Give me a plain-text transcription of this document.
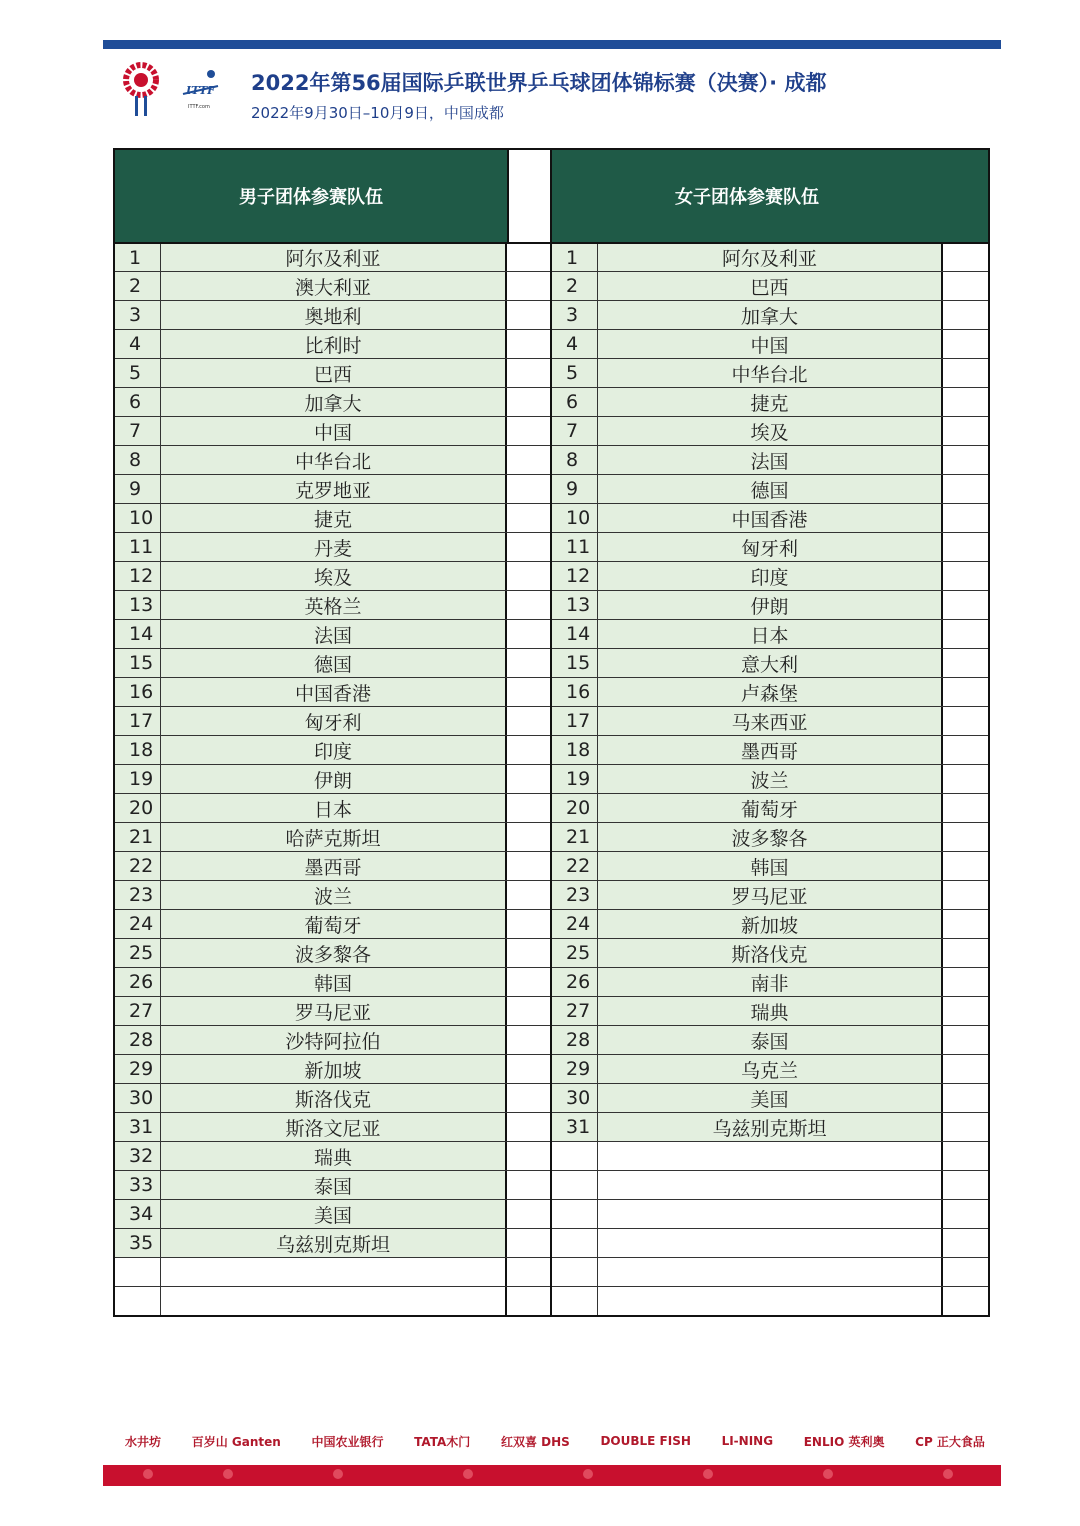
ITTF
ITTF.com
2022年第56届国际乒联世界乒乓球团体锦标赛（决赛）· 成都
2022年9月30日–10月9日，中国成都
男子团体参赛队伍
1	阿尔及利亚
2	澳大利亚
3	奥地利
4	比利时
5	巴西
6	加拿大
7	中国
8	中华台北
9	克罗地亚
10	捷克
11	丹麦
12	埃及
13	英格兰
14	法国
15	德国
16	中国香港
17	匈牙利
18	印度
19	伊朗
20	日本
21	哈萨克斯坦
22	墨西哥
23	波兰
24	葡萄牙
25	波多黎各
26	韩国
27	罗马尼亚
28	沙特阿拉伯
29	新加坡
30	斯洛伐克
31	斯洛文尼亚
32	瑞典
33	泰国
34	美国
35	乌兹别克斯坦
女子团体参赛队伍
1	阿尔及利亚
2	巴西
3	加拿大
4	中国
5	中华台北
6	捷克
7	埃及
8	法国
9	德国
10	中国香港
11	匈牙利
12	印度
13	伊朗
14	日本
15	意大利
16	卢森堡
17	马来西亚
18	墨西哥
19	波兰
20	葡萄牙
21	波多黎各
22	韩国
23	罗马尼亚
24	新加坡
25	斯洛伐克
26	南非
27	瑞典
28	泰国
29	乌克兰
30	美国
31	乌兹别克斯坦
水井坊	百岁山 Ganten	中国农业银行	TATA木门	红双喜 DHS	DOUBLE FISH	LI-NING	ENLIO 英利奥	CP 正大食品
